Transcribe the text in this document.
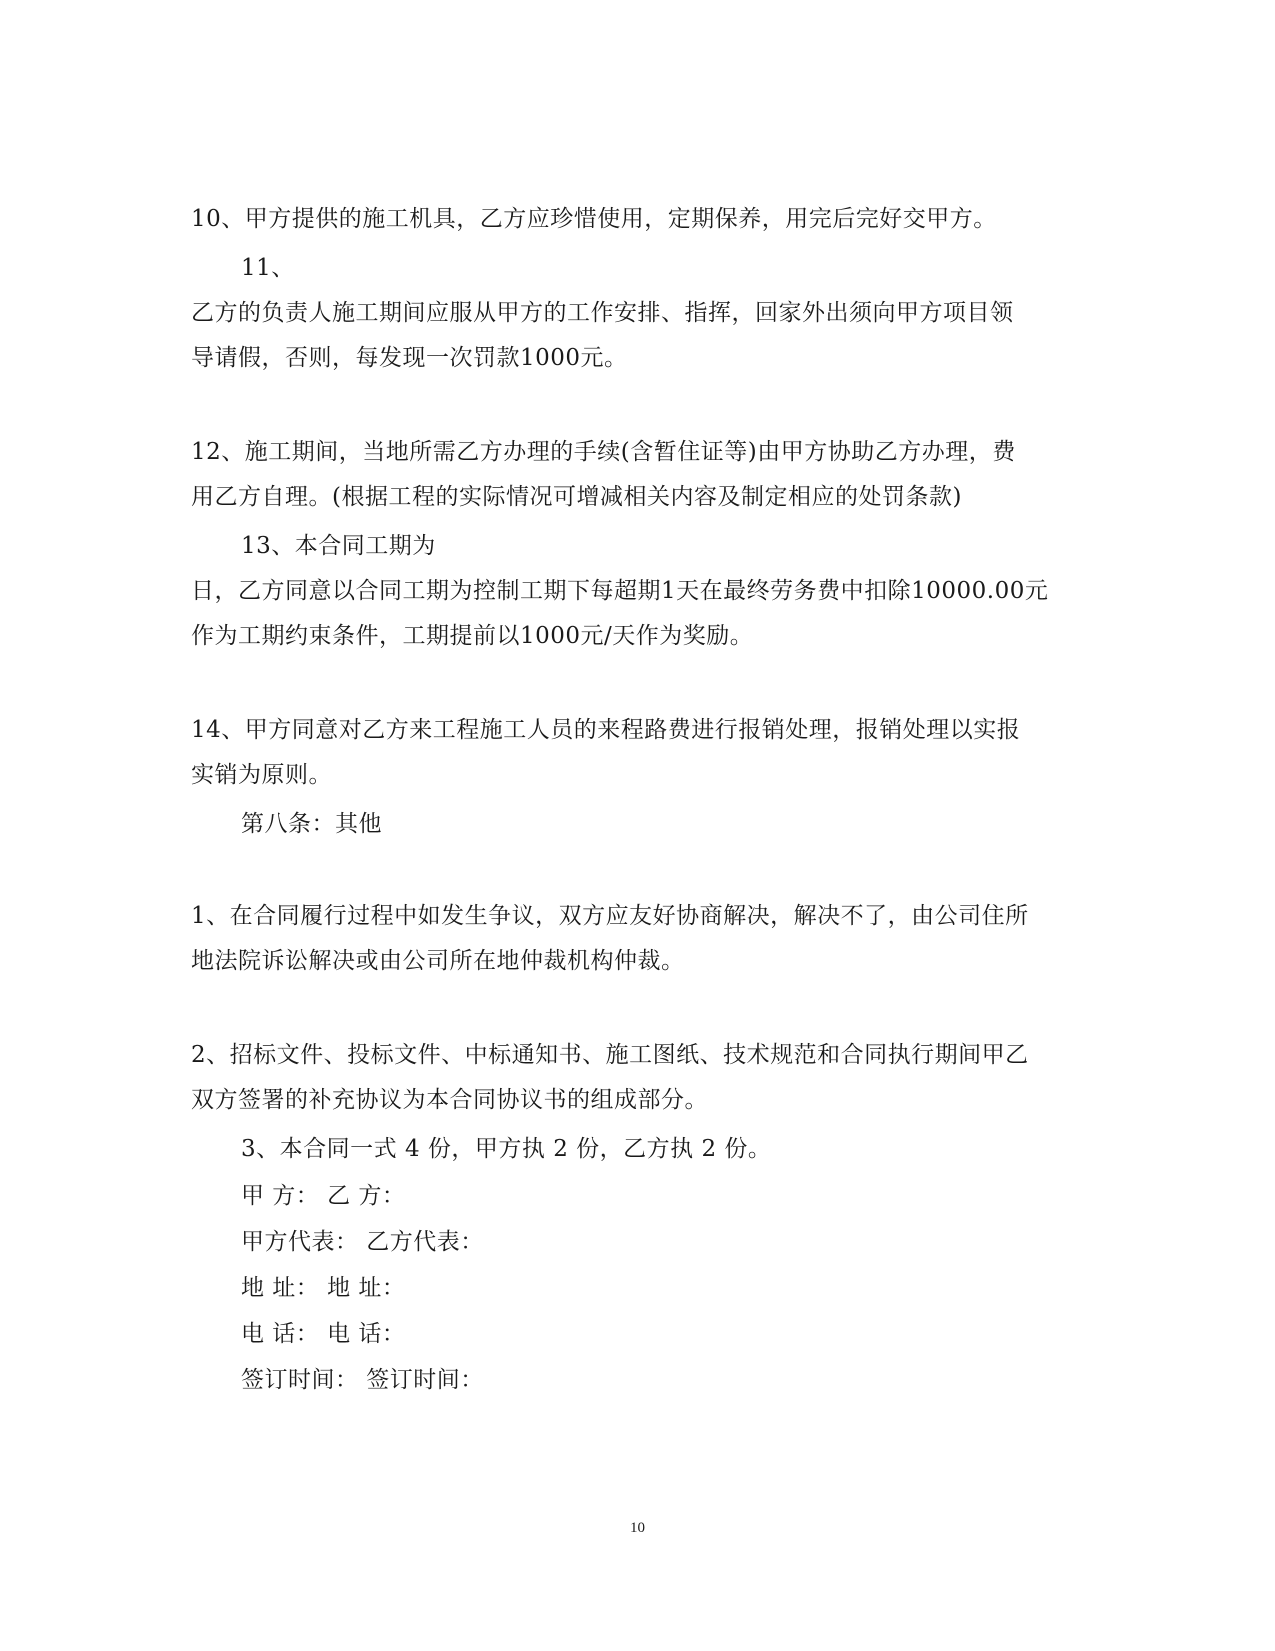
10、甲方提供的施工机具，乙方应珍惜使用，定期保养，用完后完好交甲方。
11、
乙方的负责人施工期间应服从甲方的工作安排、指挥，回家外出须向甲方项目领
导请假，否则，每发现一次罚款1000元。
12、施工期间，当地所需乙方办理的手续(含暂住证等)由甲方协助乙方办理，费
用乙方自理。(根据工程的实际情况可增减相关内容及制定相应的处罚条款)
13、本合同工期为
日，乙方同意以合同工期为控制工期下每超期1天在最终劳务费中扣除10000.00元
作为工期约束条件，工期提前以1000元/天作为奖励。
14、甲方同意对乙方来工程施工人员的来程路费进行报销处理，报销处理以实报
实销为原则。
第八条：其他
1、在合同履行过程中如发生争议，双方应友好协商解决，解决不了，由公司住所
地法院诉讼解决或由公司所在地仲裁机构仲裁。
2、招标文件、投标文件、中标通知书、施工图纸、技术规范和合同执行期间甲乙
双方签署的补充协议为本合同协议书的组成部分。
3、本合同一式 4 份，甲方执 2 份，乙方执 2 份。
甲 方： 乙 方：
甲方代表： 乙方代表：
地 址： 地 址：
电 话： 电 话：
签订时间： 签订时间：
10
